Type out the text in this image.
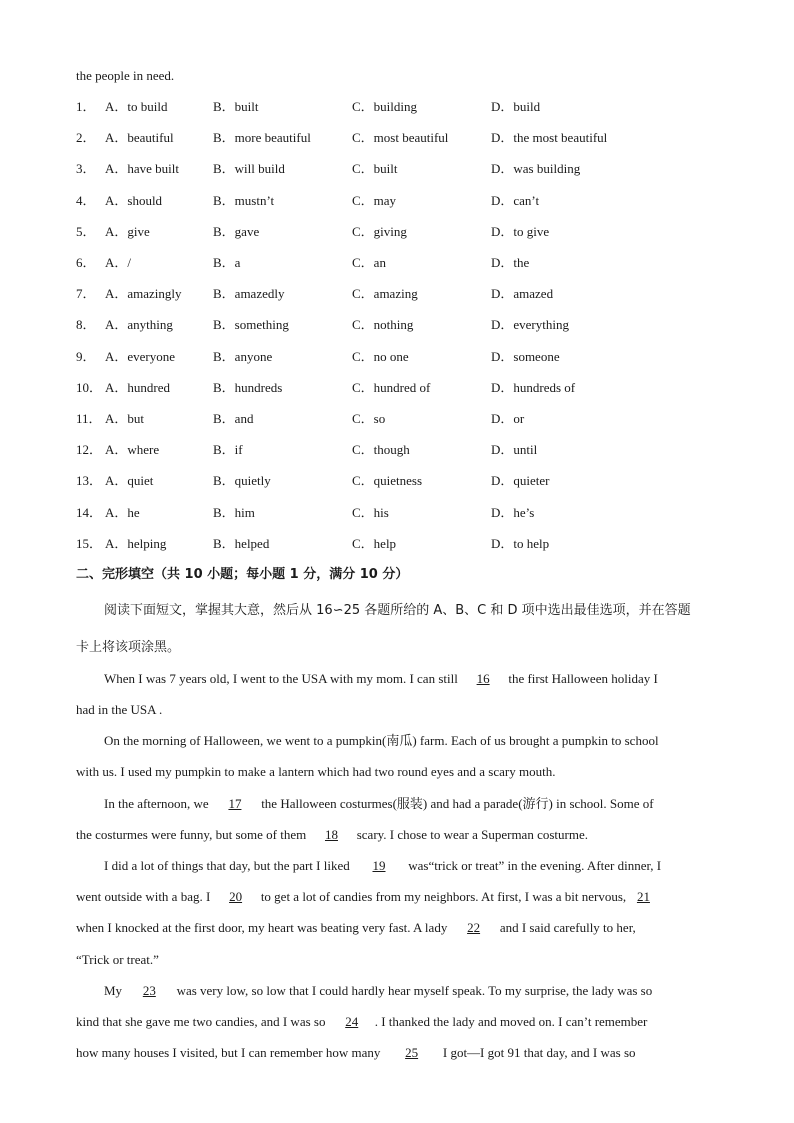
the people in need.
1． A．to build	B．built	C．building	D．build
2． A．beautiful	B．more beautiful	C．most beautiful	D．the most beautiful
3． A．have built	B．will build	C．built	D．was building
4． A．should	B．mustn’t	C．may	D．can’t
5． A．give	B．gave	C．giving	D．to give
6． A．/	B．a	C．an	D．the
7． A．amazingly B．amazedly	C．amazing	D．amazed
8． A．anything	B．something	C．nothing	D．everything
9． A．everyone	B．anyone	C．no one	D．someone
10． A．hundred	B．hundreds	C．hundred of	D．hundreds of
11． A．but	B．and	C．so	D．or
12． A．where	B．if	C．though	D．until
13． A．quiet	B．quietly	C．quietness	D．quieter
14． A．he	B．him	C．his	D．he’s
15． A．helping	B．helped	C．help	D．to help
二、完形填空（共 10 小题；每小题 1 分，满分 10 分）
阅读下面短文，掌握其大意，然后从 16∽25 各题所给的 A、B、C 和 D 项中选出最佳选项，并在答题
卡上将该项涂黑。
When I was 7 years old, I went to the USA with my mom. I can still 16 the first Halloween holiday I
had in the USA .
On the morning of Halloween, we went to a pumpkin(南瓜) farm. Each of us brought a pumpkin to school
with us. I used my pumpkin to make a lantern which had two round eyes and a scary mouth.
In the afternoon, we 17 the Halloween costurmes(服装) and had a parade(游行) in school. Some of
the costurmes were funny, but some of them 18 scary. I chose to wear a Superman costurme.
I did a lot of things that day, but the part I liked 19 was“trick or treat” in the evening. After dinner, I
went outside with a bag. I 20 to get a lot of candies from my neighbors. At first, I was a bit nervous, 21
when I knocked at the first door, my heart was beating very fast. A lady 22 and I said carefully to her,
“Trick or treat.”
My 23 was very low, so low that I could hardly hear myself speak. To my surprise, the lady was so
kind that she gave me two candies, and I was so 24 . I thanked the lady and moved on. I can’t remember
how many houses I visited, but I can remember how many 25 I got—I got 91 that day, and I was so
